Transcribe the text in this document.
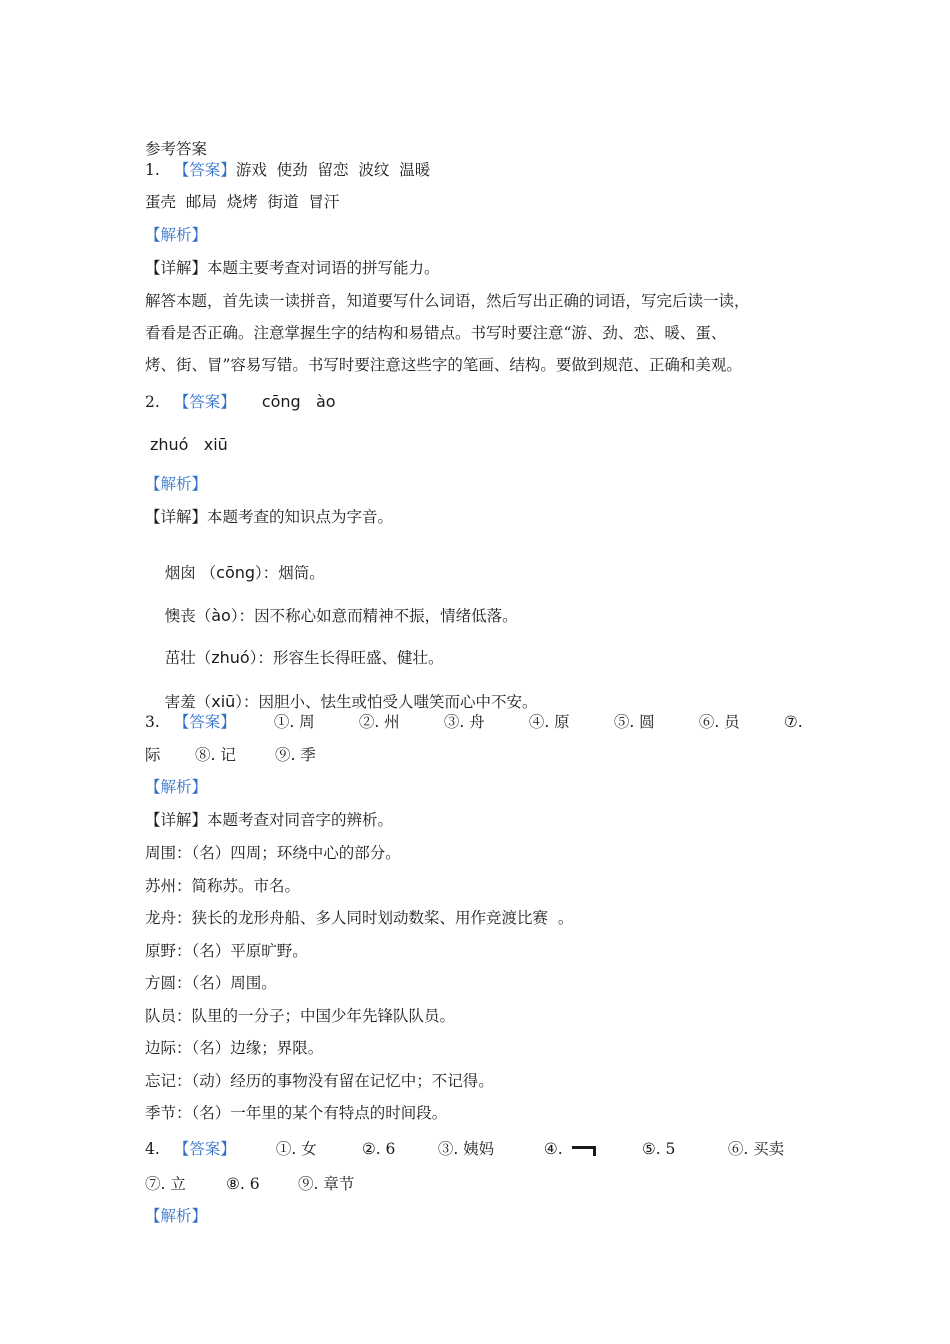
参考答案
1. 【答案】游戏  使劲  留恋  波纹  温暖
蛋壳  邮局  烧烤  街道  冒汗
【解析】
【详解】本题主要考查对词语的拼写能力。
解答本题，首先读一读拼音，知道要写什么词语，然后写出正确的词语，写完后读一读，
看看是否正确。注意掌握生字的结构和易错点。书写时要注意“游、劲、恋、暖、蛋、
烤、街、冒”容易写错。书写时要注意这些字的笔画、结构。要做到规范、正确和美观。
2. 【答案】 cōng   ào
zhuó   xiū
【解析】
【详解】本题考查的知识点为字音。

烟囱 （cōng）：烟筒。

懊丧（ào）：因不称心如意而精神不振，情绪低落。

茁壮（zhuó）：形容生长得旺盛、健壮。

害羞（xiū）：因胆小、怯生或怕受人嗤笑而心中不安。

3. 【答案】 ①. 周	②. 州	③. 舟	④. 原	⑤. 圆	⑥. 员	⑦.
际 ⑧. 记	⑨. 季
【解析】
【详解】本题考查对同音字的辨析。
周围：（名）四周；环绕中心的部分。
苏州：简称苏。市名。
龙舟：狭长的龙形舟船、多人同时划动数桨、用作竞渡比赛  。
原野：（名）平原旷野。
方圆：（名）周围。
队员：队里的一分子；中国少年先锋队队员。
边际：（名）边缘；界限。
忘记：（动）经历的事物没有留在记忆中；不记得。
季节：（名）一年里的某个有特点的时间段。
4. 【答案】	①. 女	②. 6	③. 姨妈	④.	⑤. 5	⑥. 买卖
⑦. 立	⑧. 6 ⑨. 章节
【解析】
